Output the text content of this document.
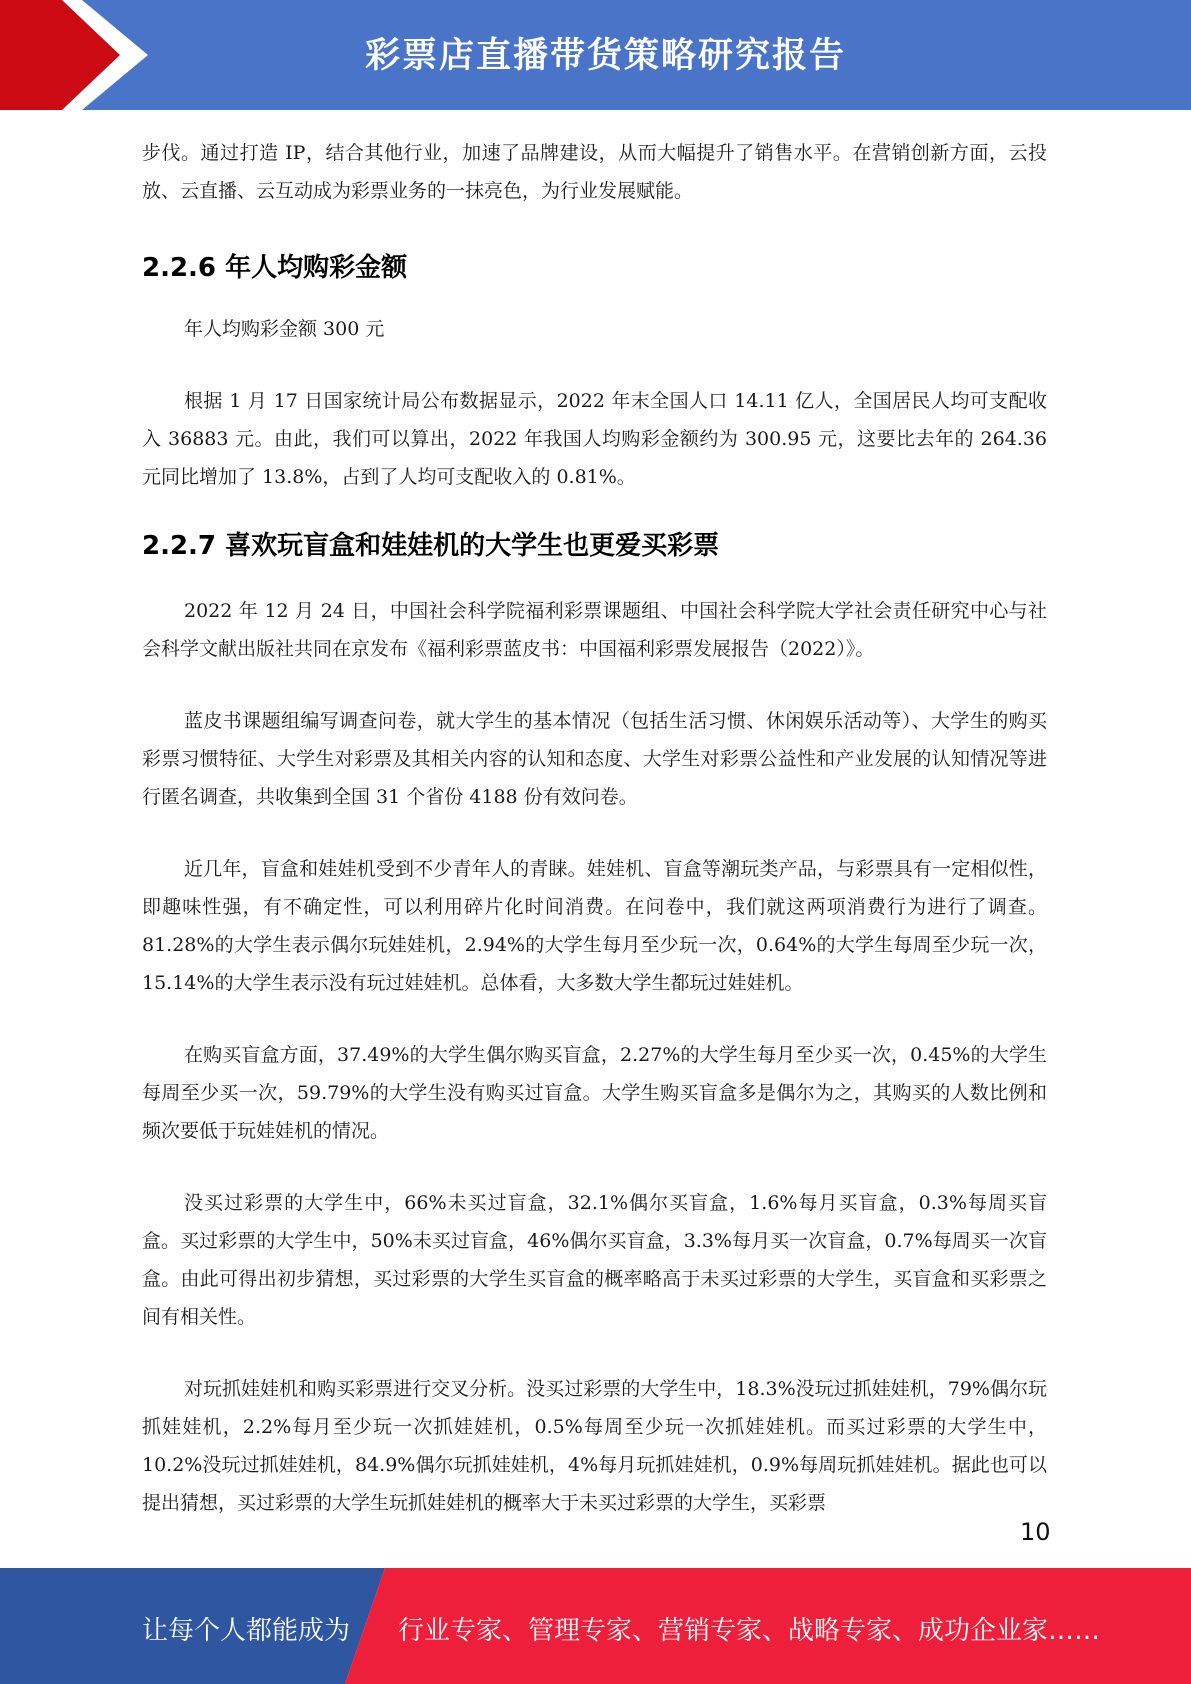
彩票店直播带货策略研究报告

步伐。通过打造 IP，结合其他行业，加速了品牌建设，从而大幅提升了销售水平。在营销创新方面，云投放、云直播、云互动成为彩票业务的一抹亮色，为行业发展赋能。

2.2.6 年人均购彩金额

年人均购彩金额 300 元

根据 1 月 17 日国家统计局公布数据显示，2022 年末全国人口 14.11 亿人，全国居民人均可支配收入 36883 元。由此，我们可以算出，2022 年我国人均购彩金额约为 300.95 元，这要比去年的 264.36 元同比增加了 13.8%，占到了人均可支配收入的 0.81%。

2.2.7 喜欢玩盲盒和娃娃机的大学生也更爱买彩票

2022 年 12 月 24 日，中国社会科学院福利彩票课题组、中国社会科学院大学社会责任研究中心与社会科学文献出版社共同在京发布《福利彩票蓝皮书：中国福利彩票发展报告（2022）》。

蓝皮书课题组编写调查问卷，就大学生的基本情况（包括生活习惯、休闲娱乐活动等）、大学生的购买彩票习惯特征、大学生对彩票及其相关内容的认知和态度、大学生对彩票公益性和产业发展的认知情况等进行匿名调查，共收集到全国 31 个省份 4188 份有效问卷。

近几年，盲盒和娃娃机受到不少青年人的青睐。娃娃机、盲盒等潮玩类产品，与彩票具有一定相似性，即趣味性强，有不确定性，可以利用碎片化时间消费。在问卷中，我们就这两项消费行为进行了调查。81.28%的大学生表示偶尔玩娃娃机，2.94%的大学生每月至少玩一次，0.64%的大学生每周至少玩一次，15.14%的大学生表示没有玩过娃娃机。总体看，大多数大学生都玩过娃娃机。

在购买盲盒方面，37.49%的大学生偶尔购买盲盒，2.27%的大学生每月至少买一次，0.45%的大学生每周至少买一次，59.79%的大学生没有购买过盲盒。大学生购买盲盒多是偶尔为之，其购买的人数比例和频次要低于玩娃娃机的情况。

没买过彩票的大学生中，66%未买过盲盒，32.1%偶尔买盲盒，1.6%每月买盲盒，0.3%每周买盲盒。买过彩票的大学生中，50%未买过盲盒，46%偶尔买盲盒，3.3%每月买一次盲盒，0.7%每周买一次盲盒。由此可得出初步猜想，买过彩票的大学生买盲盒的概率略高于未买过彩票的大学生，买盲盒和买彩票之间有相关性。

对玩抓娃娃机和购买彩票进行交叉分析。没买过彩票的大学生中，18.3%没玩过抓娃娃机，79%偶尔玩抓娃娃机，2.2%每月至少玩一次抓娃娃机，0.5%每周至少玩一次抓娃娃机。而买过彩票的大学生中，10.2%没玩过抓娃娃机，84.9%偶尔玩抓娃娃机，4%每月玩抓娃娃机，0.9%每周玩抓娃娃机。据此也可以提出猜想，买过彩票的大学生玩抓娃娃机的概率大于未买过彩票的大学生，买彩票

10
让每个人都能成为 行业专家、管理专家、营销专家、战略专家、成功企业家……
